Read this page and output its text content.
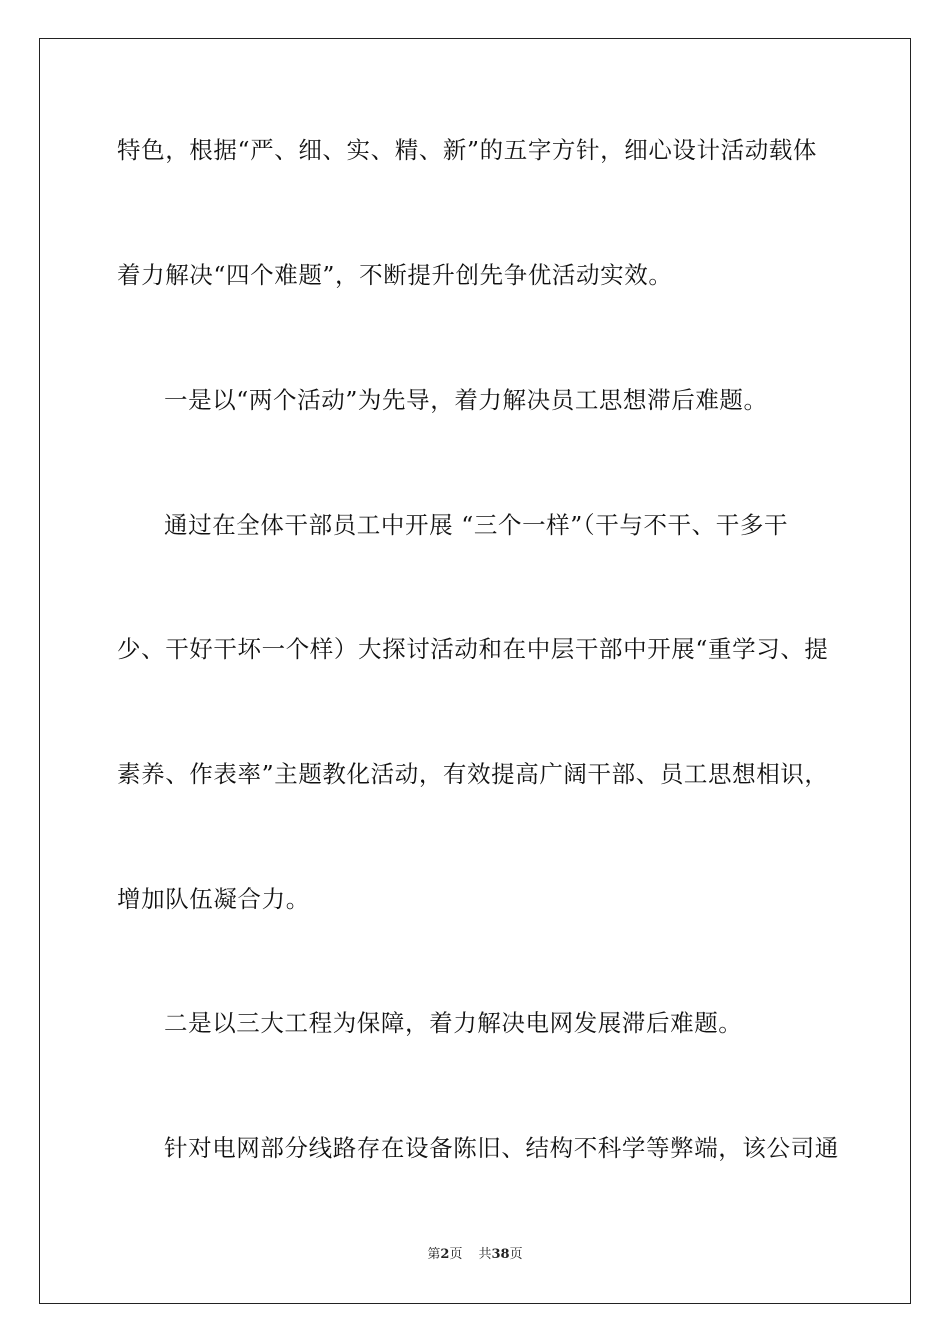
特色，根据“严、细、实、精、新”的五字方针，细心设计活动载体
着力解决“四个难题”，不断提升创先争优活动实效。
一是以“两个活动”为先导，着力解决员工思想滞后难题。
通过在全体干部员工中开展 “三个一样”（干与不干、干多干
少、干好干坏一个样）大探讨活动和在中层干部中开展“重学习、提
素养、作表率”主题教化活动，有效提高广阔干部、员工思想相识，
增加队伍凝合力。
二是以三大工程为保障，着力解决电网发展滞后难题。
针对电网部分线路存在设备陈旧、结构不科学等弊端，该公司通
第2页 共38页
